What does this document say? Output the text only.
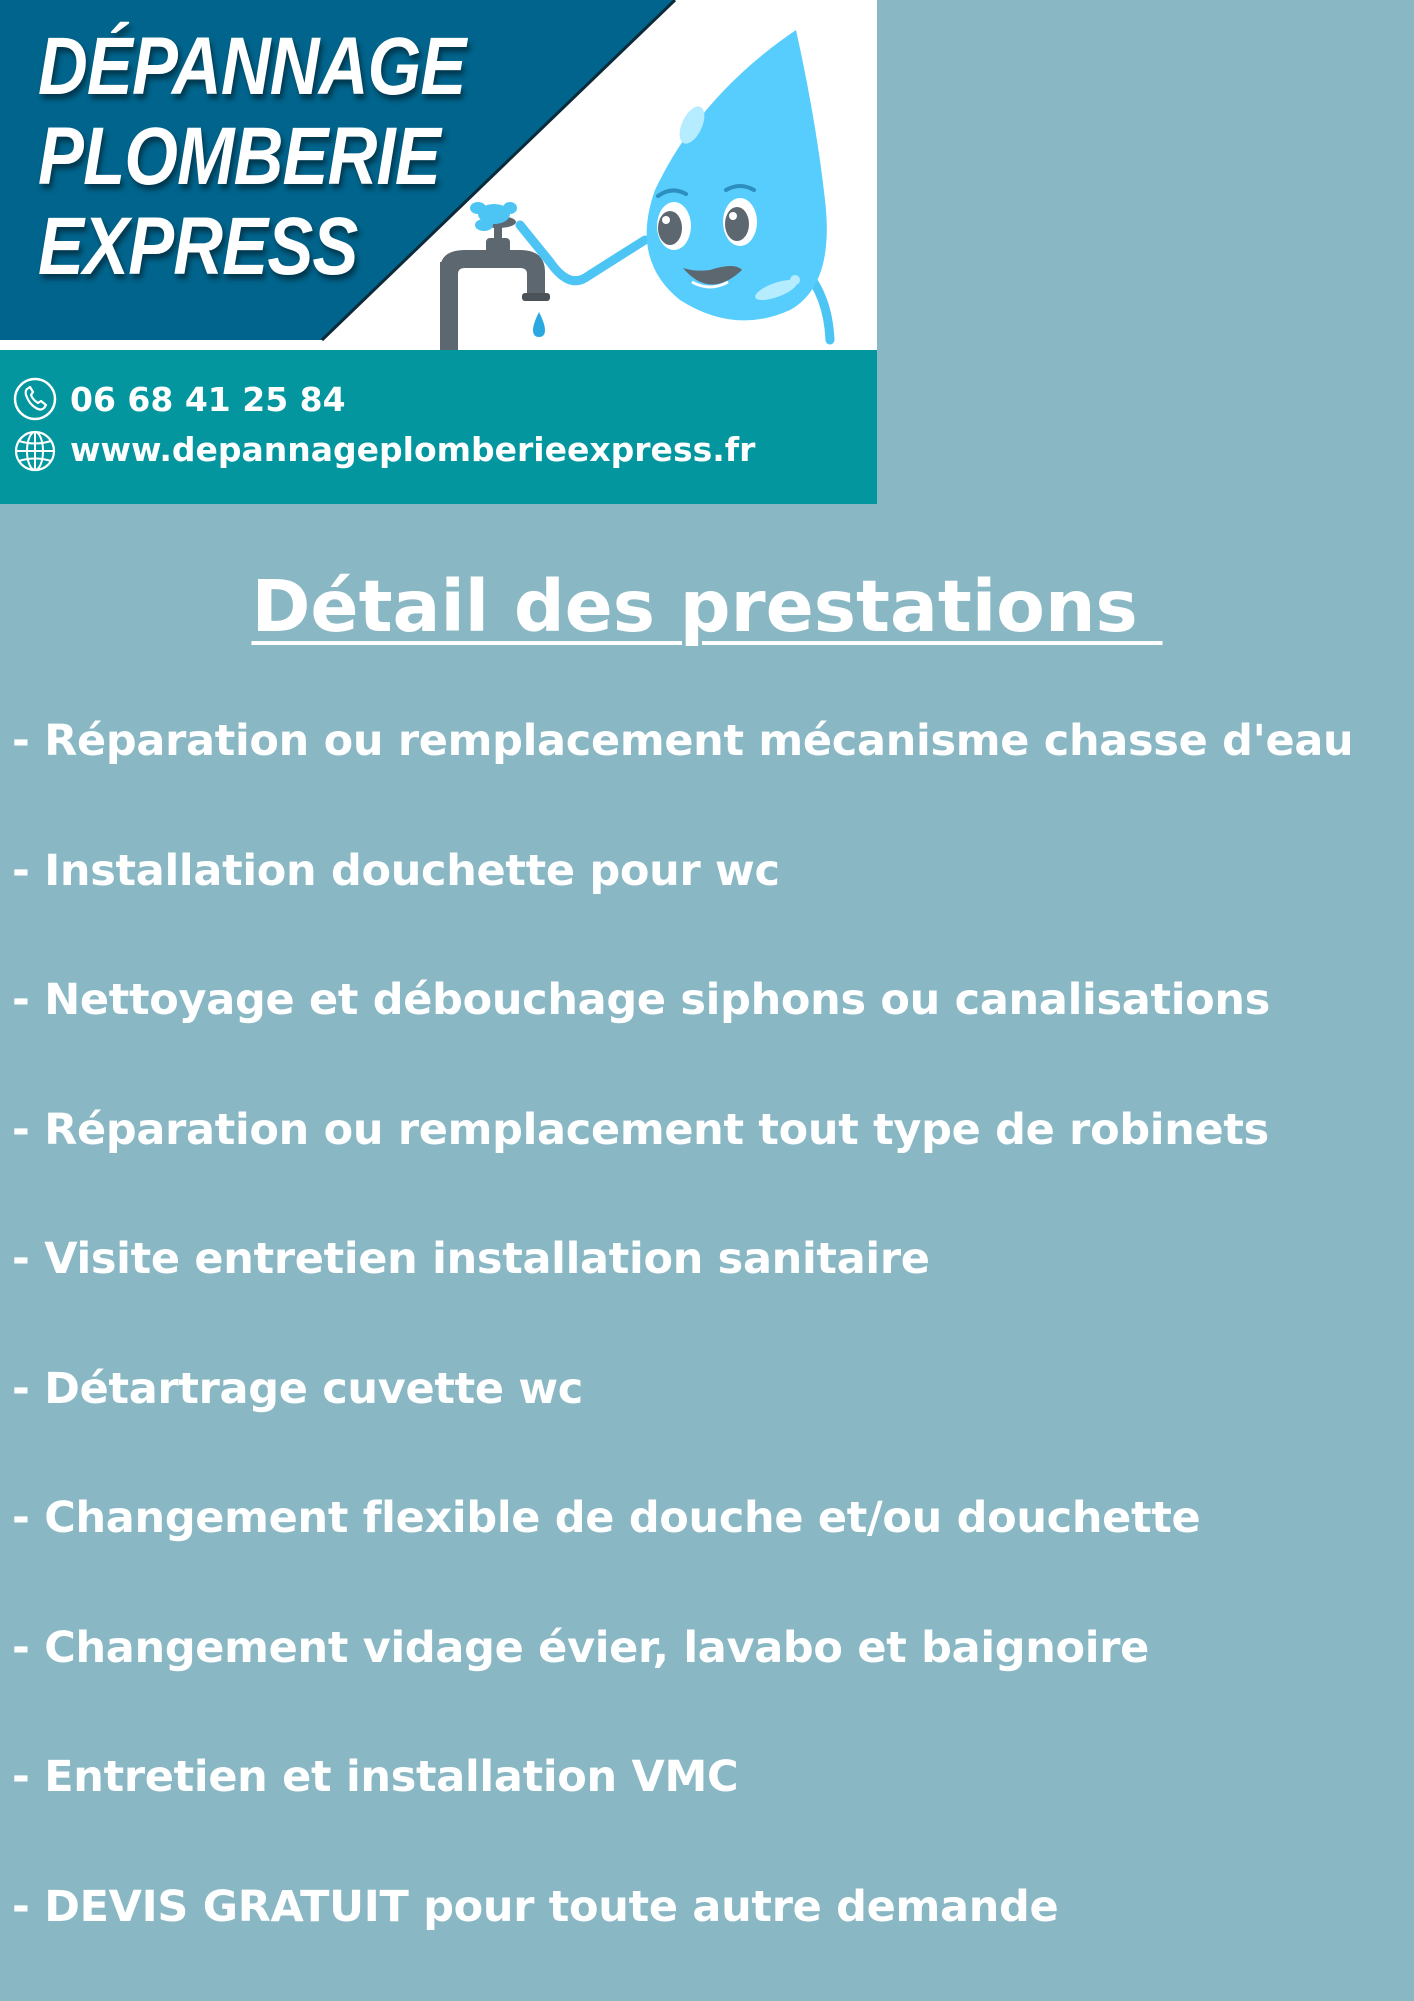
DÉPANNAGE
PLOMBERIE
EXPRESS
06 68 41 25 84
www.depannageplomberieexpress.fr
Détail des prestations
- Réparation ou remplacement mécanisme chasse d'eau
- Installation douchette pour wc
- Nettoyage et débouchage siphons ou canalisations
- Réparation ou remplacement tout type de robinets
- Visite entretien installation sanitaire
- Détartrage cuvette wc
- Changement flexible de douche et/ou douchette
- Changement vidage évier, lavabo et baignoire
- Entretien et installation VMC
- DEVIS GRATUIT pour toute autre demande
